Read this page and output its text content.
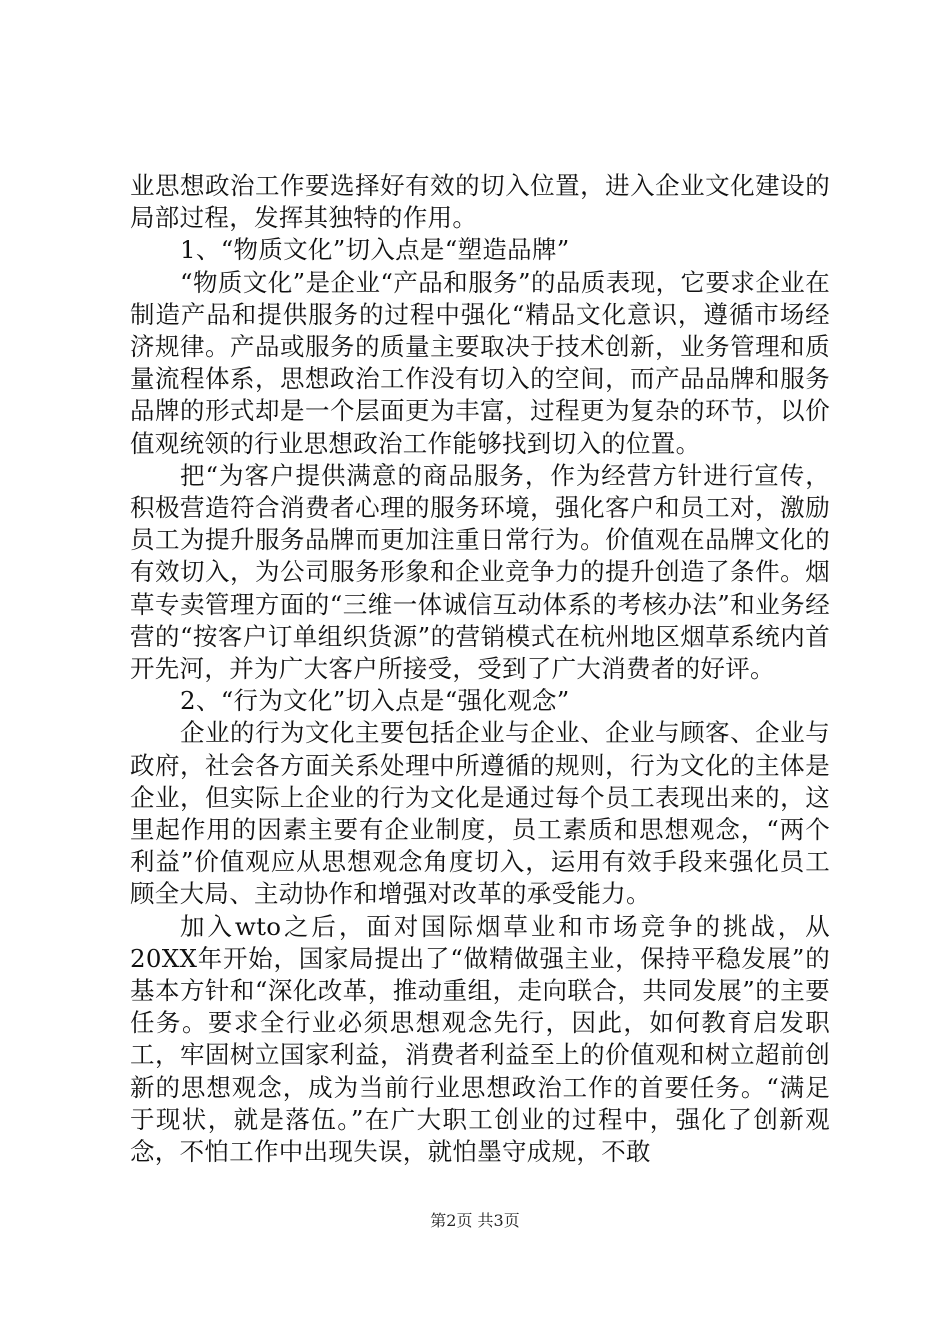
业思想政治工作要选择好有效的切入位置，进入企业文化建设的局部过程，发挥其独特的作用。

1、“物质文化”切入点是“塑造品牌”

“物质文化”是企业“产品和服务”的品质表现，它要求企业在制造产品和提供服务的过程中强化“精品文化意识，遵循市场经济规律。产品或服务的质量主要取决于技术创新，业务管理和质量流程体系，思想政治工作没有切入的空间，而产品品牌和服务品牌的形式却是一个层面更为丰富，过程更为复杂的环节，以价值观统领的行业思想政治工作能够找到切入的位置。

把“为客户提供满意的商品服务，作为经营方针进行宣传，积极营造符合消费者心理的服务环境，强化客户和员工对，激励员工为提升服务品牌而更加注重日常行为。价值观在品牌文化的有效切入，为公司服务形象和企业竞争力的提升创造了条件。烟草专卖管理方面的“三维一体诚信互动体系的考核办法”和业务经营的“按客户订单组织货源”的营销模式在杭州地区烟草系统内首开先河，并为广大客户所接受，受到了广大消费者的好评。

2、“行为文化”切入点是“强化观念”

企业的行为文化主要包括企业与企业、企业与顾客、企业与政府，社会各方面关系处理中所遵循的规则，行为文化的主体是企业，但实际上企业的行为文化是通过每个员工表现出来的，这里起作用的因素主要有企业制度，员工素质和思想观念，“两个利益”价值观应从思想观念角度切入，运用有效手段来强化员工顾全大局、主动协作和增强对改革的承受能力。

加入wto之后，面对国际烟草业和市场竞争的挑战，从20XX年开始，国家局提出了“做精做强主业，保持平稳发展”的基本方针和“深化改革，推动重组，走向联合，共同发展”的主要任务。要求全行业必须思想观念先行，因此，如何教育启发职工，牢固树立国家利益，消费者利益至上的价值观和树立超前创新的思想观念，成为当前行业思想政治工作的首要任务。“满足于现状，就是落伍。”在广大职工创业的过程中，强化了创新观念，不怕工作中出现失误，就怕墨守成规，不敢

第2页 共3页
